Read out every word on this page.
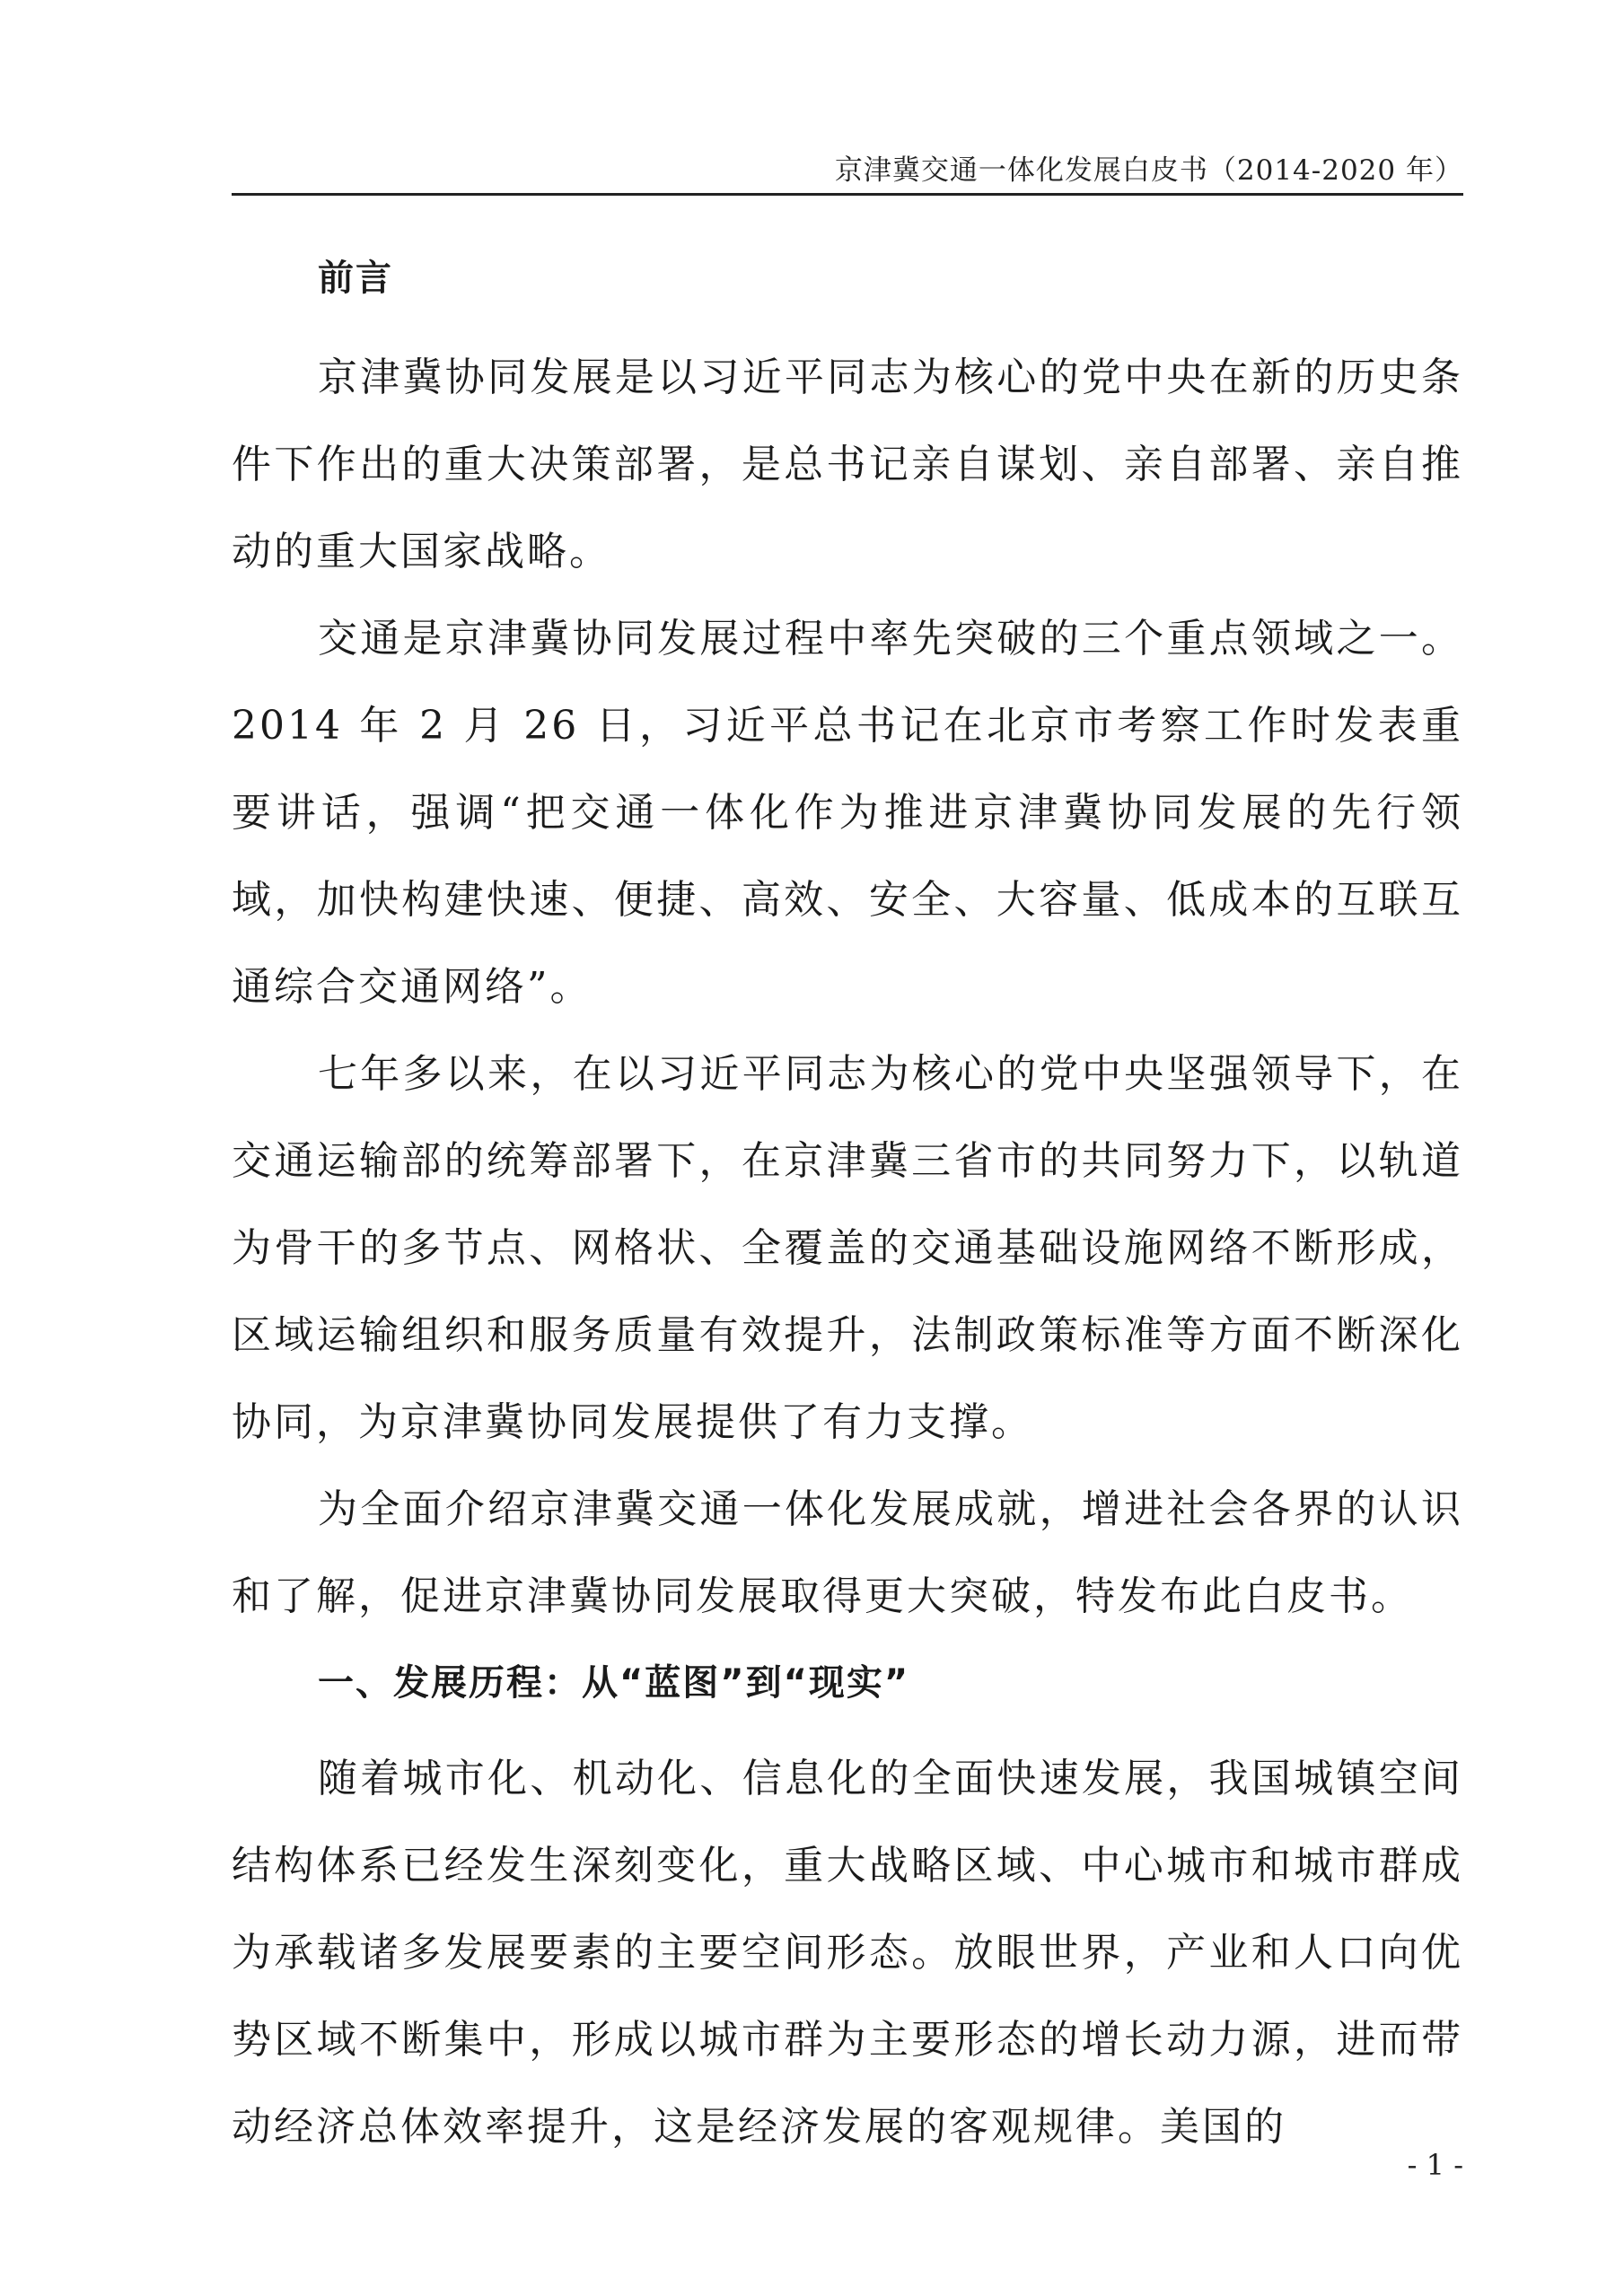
京津冀交通一体化发展白皮书（2014-2020 年）
前言

京津冀协同发展是以习近平同志为核心的党中央在新的历史条件下作出的重大决策部署，是总书记亲自谋划、亲自部署、亲自推动的重大国家战略。

交通是京津冀协同发展过程中率先突破的三个重点领域之一。2014 年 2 月 26 日，习近平总书记在北京市考察工作时发表重要讲话，强调“把交通一体化作为推进京津冀协同发展的先行领域，加快构建快速、便捷、高效、安全、大容量、低成本的互联互通综合交通网络”。

七年多以来，在以习近平同志为核心的党中央坚强领导下，在交通运输部的统筹部署下，在京津冀三省市的共同努力下，以轨道为骨干的多节点、网格状、全覆盖的交通基础设施网络不断形成，区域运输组织和服务质量有效提升，法制政策标准等方面不断深化协同，为京津冀协同发展提供了有力支撑。

为全面介绍京津冀交通一体化发展成就，增进社会各界的认识和了解，促进京津冀协同发展取得更大突破，特发布此白皮书。

一、发展历程：从“蓝图”到“现实”

随着城市化、机动化、信息化的全面快速发展，我国城镇空间结构体系已经发生深刻变化，重大战略区域、中心城市和城市群成为承载诸多发展要素的主要空间形态。放眼世界，产业和人口向优势区域不断集中，形成以城市群为主要形态的增长动力源，进而带动经济总体效率提升，这是经济发展的客观规律。美国的

- 1 -
